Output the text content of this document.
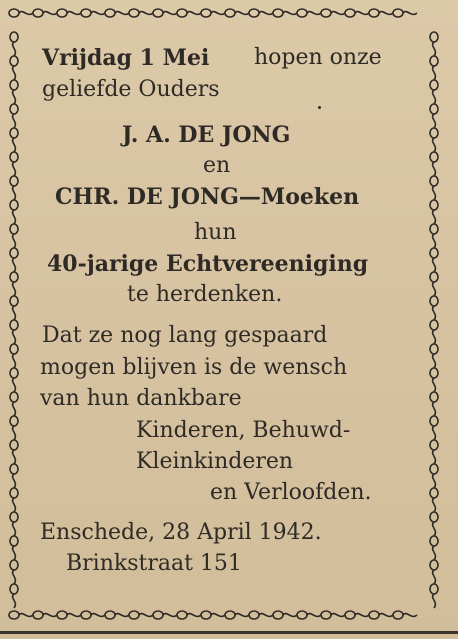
Vrijdag 1 Mei hopen onze
geliefde Ouders
J. A. DE JONG
en
CHR. DE JONG—Moeken
hun
40-jarige Echtvereeniging
te herdenken.
Dat ze nog lang gespaard
mogen blijven is de wensch
van hun dankbare
Kinderen, Behuwd-
Kleinkinderen
en Verloofden.
Enschede, 28 April 1942.
Brinkstraat 151
